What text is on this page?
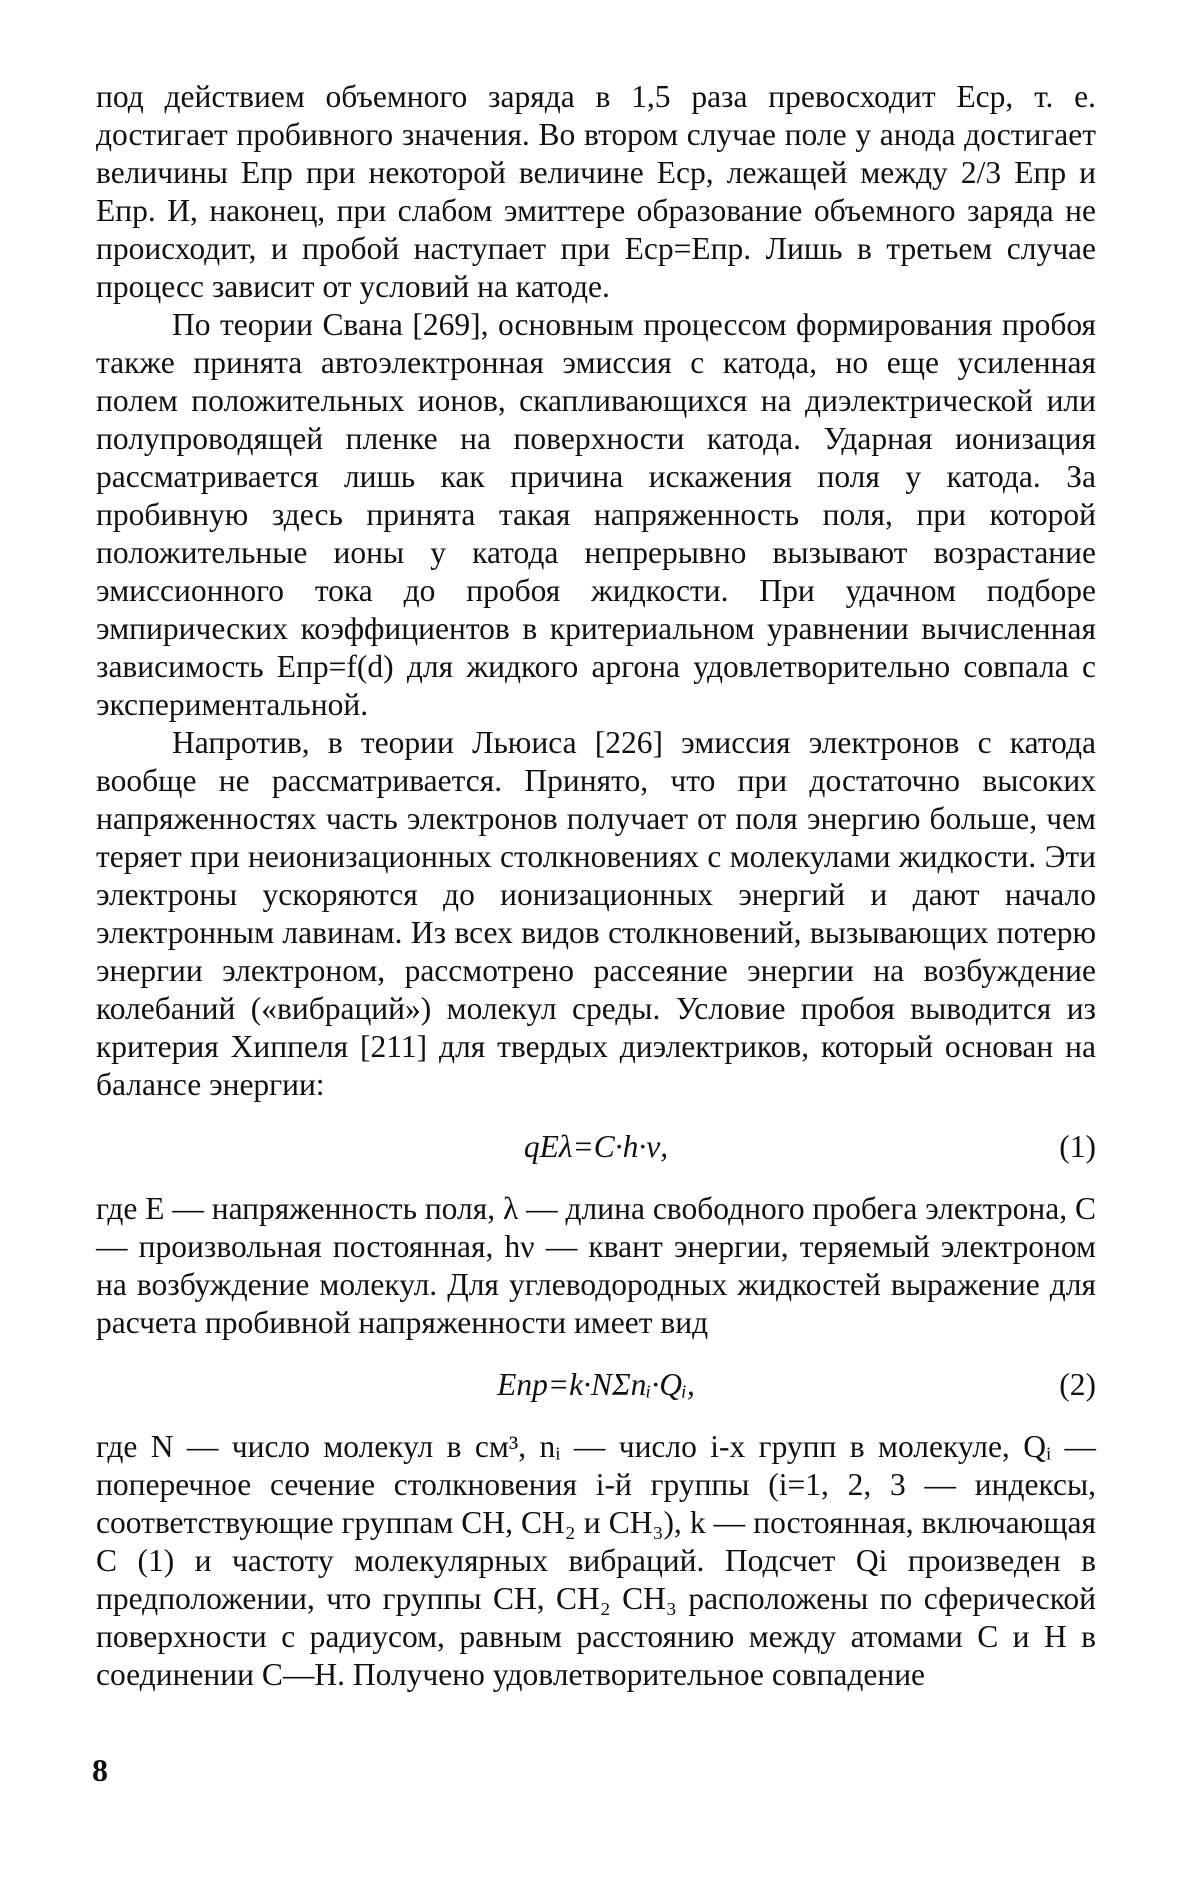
под действием объемного заряда в 1,5 раза превосходит Eср, т. е. достигает пробивного значения. Во втором случае поле у анода достигает величины Eпр при некоторой величине Eср, лежащей между 2/3 Eпр и Eпр. И, наконец, при слабом эмиттере образование объемного заряда не происходит, и пробой наступает при Eср=Eпр. Лишь в третьем случае процесс зависит от условий на катоде.

По теории Свана [269], основным процессом формирования пробоя также принята автоэлектронная эмиссия с катода, но еще усиленная полем положительных ионов, скапливающихся на диэлектрической или полупроводящей пленке на поверхности катода. Ударная ионизация рассматривается лишь как причина искажения поля у катода. За пробивную здесь принята такая напряженность поля, при которой положительные ионы у катода непрерывно вызывают возрастание эмиссионного тока до пробоя жидкости. При удачном подборе эмпирических коэффициентов в критериальном уравнении вычисленная зависимость Eпр=f(d) для жидкого аргона удовлетворительно совпала с экспериментальной.

Напротив, в теории Льюиса [226] эмиссия электронов с катода вообще не рассматривается. Принято, что при достаточно высоких напряженностях часть электронов получает от поля энергию больше, чем теряет при неионизационных столкновениях с молекулами жидкости. Эти электроны ускоряются до ионизационных энергий и дают начало электронным лавинам. Из всех видов столкновений, вызывающих потерю энергии электроном, рассмотрено рассеяние энергии на возбуждение колебаний («вибраций») молекул среды. Условие пробоя выводится из критерия Хиппеля [211] для твердых диэлектриков, который основан на балансе энергии:

qEλ=C·h·ν,	(1)

где E — напряженность поля, λ — длина свободного пробега электрона, C — произвольная постоянная, hν — квант энергии, теряемый электроном на возбуждение молекул. Для углеводородных жидкостей выражение для расчета пробивной напряженности имеет вид

Eпр=k·NΣnᵢ·Qᵢ,	(2)

где N — число молекул в см³, nᵢ — число i-х групп в молекуле, Qᵢ — поперечное сечение столкновения i-й группы (i=1, 2, 3 — индексы, соответствующие группам CH, CH₂ и CH₃), k — постоянная, включающая C (1) и частоту молекулярных вибраций. Подсчет Qi произведен в предположении, что группы CH, CH₂ CH₃ расположены по сферической поверхности с радиусом, равным расстоянию между атомами C и H в соединении C—H. Получено удовлетворительное совпадение

8
